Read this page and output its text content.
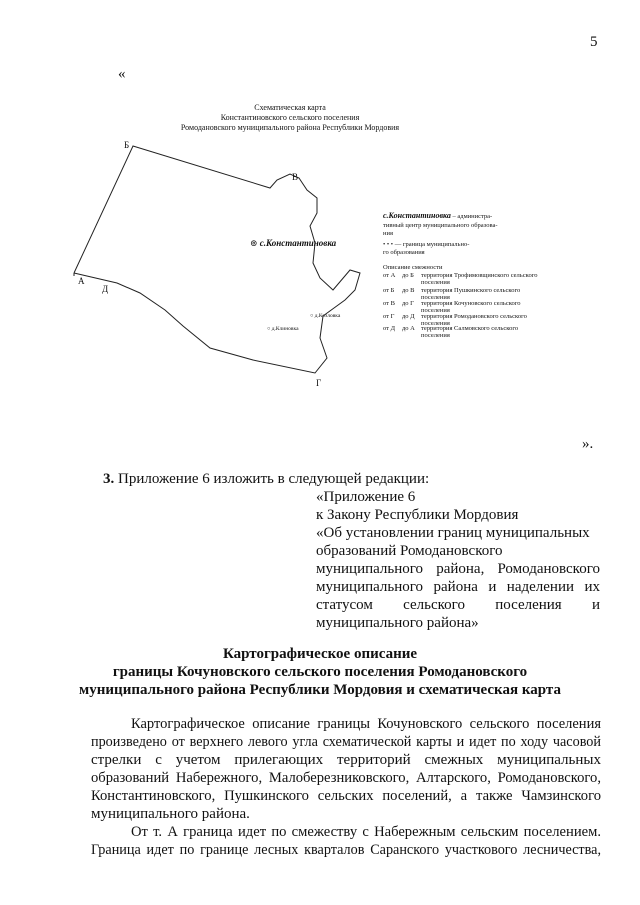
5
«
Схематическая карта
Константиновского сельского поселения
Ромодановского муниципального района Республики Мордовия
Б
В
Г
А
Д
⊚ с.Константиновка
○ д.Козловка
○ д.Клиновка
с.Константиновка – администра-
тивный центр муниципального образова-
ния
• • • — граница муниципально-
го образования
Описание смежности
от А до Б территория Трофимовщинского сельского
поселения
от Б до В территория Пушкинского сельского
поселения
от В до Г территория Кочуновского сельского
поселения
от Г до Д территория Ромодановского сельского
поселения
от Д до А территория Салмовского сельского
поселения
».
3. Приложение 6 изложить в следующей редакции:
«Приложение 6
к Закону Республики Мордовия
«Об установлении границ муниципальных
образований Ромодановского
муниципального района, Ромодановского
муниципального района и наделении их
статусом сельского поселения и
муниципального района»
Картографическое описание
границы Кочуновского сельского поселения Ромодановского
муниципального района Республики Мордовия и схематическая карта
Картографическое описание границы Кочуновского сельского поселения
произведено от верхнего левого угла схематической карты и идет по ходу часовой
стрелки с учетом прилегающих территорий смежных муниципальных
образований Набережного, Малоберезниковского, Алтарского, Ромодановского,
Константиновского, Пушкинского сельских поселений, а также Чамзинского
муниципального района.
От т. А граница идет по смежеству с Набережным сельским поселением.
Граница идет по границе лесных кварталов Саранского участкового лесничества,
